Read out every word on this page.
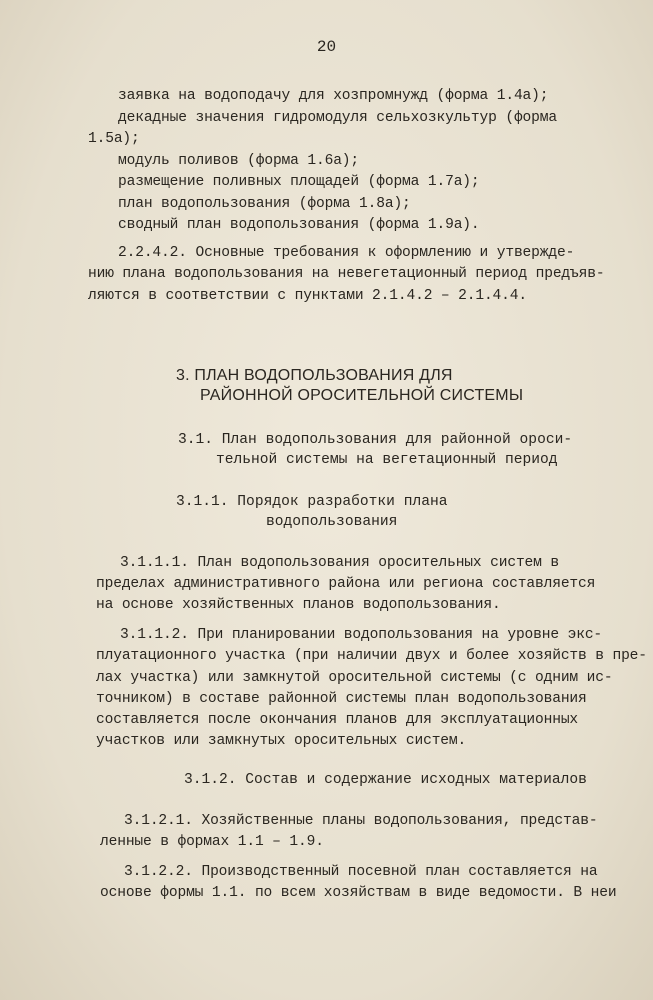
20
заявка на водоподачу для хозпромнужд (форма 1.4а);
декадные значения гидромодуля сельхозкультур (форма
1.5а);
модуль поливов (форма 1.6а);
размещение поливных площадей (форма 1.7а);
план водопользования (форма 1.8а);
сводный план водопользования (форма 1.9а).
2.2.4.2. Основные требования к оформлению и утвержде-
нию плана водопользования на невегетационный период предъяв-
ляются в соответствии с пунктами 2.1.4.2 – 2.1.4.4.
3. ПЛАН ВОДОПОЛЬЗОВАНИЯ ДЛЯ
РАЙОННОЙ ОРОСИТЕЛЬНОЙ СИСТЕМЫ
3.1. План водопользования для районной ороси-
тельной системы на вегетационный период
3.1.1. Порядок разработки плана
водопользования
3.1.1.1. План водопользования оросительных систем в
пределах административного района или региона составляется
на основе хозяйственных планов водопользования.
3.1.1.2. При планировании водопользования на уровне экс-
плуатационного участка (при наличии двух и более хозяйств в пре-
лах участка) или замкнутой оросительной системы (с одним ис-
точником) в составе районной системы план водопользования
составляется после окончания планов для эксплуатационных
участков или замкнутых оросительных систем.
3.1.2. Состав и содержание исходных материалов
3.1.2.1. Хозяйственные планы водопользования, представ-
ленные в формах 1.1 – 1.9.
3.1.2.2. Производственный посевной план составляется на
основе формы 1.1. по всем хозяйствам в виде ведомости. В неи
